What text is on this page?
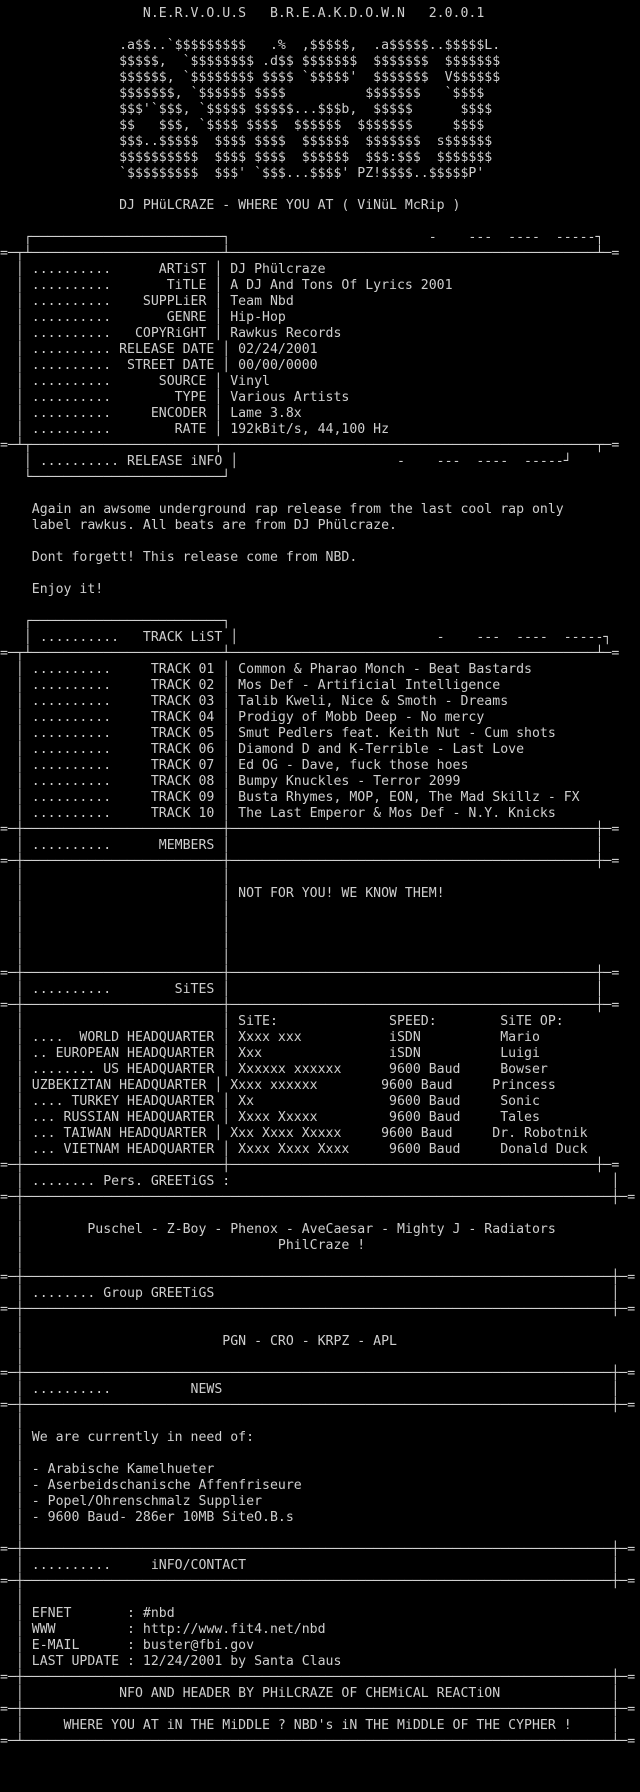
N.E.R.V.O.U.S   B.R.E.A.K.D.O.W.N   2.0.0.1
.a$$..`$$$$$$$$$   .%  ,$$$$$,  .a$$$$$..$$$$$L.
$$$$$,  `$$$$$$$$ .d$$ $$$$$$$  $$$$$$$  $$$$$$$
$$$$$$, `$$$$$$$$ $$$$ `$$$$$'  $$$$$$$  V$$$$$$
$$$$$$$, `$$$$$$ $$$$          $$$$$$$   `$$$$
$$$'`$$$, `$$$$$ $$$$$...$$$b,  $$$$$      $$$$
$$   $$$, `$$$$ $$$$  $$$$$$  $$$$$$$     $$$$
$$$..$$$$$  $$$$ $$$$  $$$$$$  $$$$$$$  s$$$$$$
$$$$$$$$$$  $$$$ $$$$  $$$$$$  $$$:$$$  $$$$$$$
`$$$$$$$$$  $$$' `$$$...$$$$' PZ!$$$$..$$$$$P'
DJ PHüLCRAZE - WHERE YOU AT ( ViNüL McRip )
┌────────────────────────┐                         -    ---  ----  -----┐
=─┬┴────────────────────────┴──────────────────────────────────────────────┴─=
│ ..........      ARTiST │ DJ Phülcraze
│ ..........       TiTLE │ A DJ And Tons Of Lyrics 2001
│ ..........    SUPPLiER │ Team Nbd
│ ..........       GENRE │ Hip-Hop
│ ..........   COPYRiGHT │ Rawkus Records
│ .......... RELEASE DATE │ 02/24/2001
│ ..........  STREET DATE │ 00/00/0000
│ ..........      SOURCE │ Vinyl
│ ..........        TYPE │ Various Artists
│ ..........     ENCODER │ Lame 3.8x
│ ..........        RATE │ 192kBit/s, 44,100 Hz
=─┴┬───────────────────────┬───────────────────────────────────────────────┬─=
│ .......... RELEASE iNFO │                    -    ---  ----  -----┘
└────────────────────────┘
Again an awsome underground rap release from the last cool rap only
label rawkus. All beats are from DJ Phülcraze.
Dont forgett! This release come from NBD.
Enjoy it!
┌────────────────────────┐
│ ..........   TRACK LiST │                         -    ---  ----  -----┐
=─┬┴────────────────────────┴──────────────────────────────────────────────┴─=
│ ..........     TRACK 01 │ Common & Pharao Monch - Beat Bastards
│ ..........     TRACK 02 │ Mos Def - Artificial Intelligence
│ ..........     TRACK 03 │ Talib Kweli, Nice & Smoth - Dreams
│ ..........     TRACK 04 │ Prodigy of Mobb Deep - No mercy
│ ..........     TRACK 05 │ Smut Pedlers feat. Keith Nut - Cum shots
│ ..........     TRACK 06 │ Diamond D and K-Terrible - Last Love
│ ..........     TRACK 07 │ Ed OG - Dave, fuck those hoes
│ ..........     TRACK 08 │ Bumpy Knuckles - Terror 2099
│ ..........     TRACK 09 │ Busta Rhymes, MOP, EON, The Mad Skillz - FX
│ ..........     TRACK 10 │ The Last Emperor & Mos Def - N.Y. Knicks
=─┼─────────────────────────┼──────────────────────────────────────────────┼─=
│ ..........      MEMBERS │                                              │
=─┼─────────────────────────┼──────────────────────────────────────────────┼─=
│                         │
│                         │ NOT FOR YOU! WE KNOW THEM!
│                         │
│                         │
│                         │
│                         │
=─┼─────────────────────────┼──────────────────────────────────────────────┼─=
│ ..........        SiTES │                                              │
=─┼─────────────────────────┼──────────────────────────────────────────────┼─=
│                         │ SiTE:              SPEED:        SiTE OP:
│ ....  WORLD HEADQUARTER │ Xxxx xxx           iSDN          Mario
│ .. EUROPEAN HEADQUARTER │ Xxx                iSDN          Luigi
│ ........ US HEADQUARTER │ Xxxxxx xxxxxx      9600 Baud     Bowser
│ UZBEKIZTAN HEADQUARTER │ Xxxx xxxxxx        9600 Baud     Princess
│ .... TURKEY HEADQUARTER │ Xx                 9600 Baud     Sonic
│ ... RUSSIAN HEADQUARTER │ Xxxx Xxxxx         9600 Baud     Tales
│ ... TAIWAN HEADQUARTER │ Xxx Xxxx Xxxxx     9600 Baud     Dr. Robotnik
│ ... VIETNAM HEADQUARTER │ Xxxx Xxxx Xxxx     9600 Baud     Donald Duck
=─┼─────────────────────────┼──────────────────────────────────────────────┼─=
│ ........ Pers. GREETiGS :                                                │
=─┼──────────────────────────────────────────────────────────────────────────┼─=
│
│        Puschel - Z-Boy - Phenox - AveCaesar - Mighty J - Radiators
│                                PhilCraze !
│
=─┼──────────────────────────────────────────────────────────────────────────┼─=
│ ........ Group GREETiGS                                                  │
=─┼──────────────────────────────────────────────────────────────────────────┼─=
│
│                         PGN - CRO - KRPZ - APL
│
=─┼──────────────────────────────────────────────────────────────────────────┼─=
│ ..........          NEWS                                                 │
=─┼──────────────────────────────────────────────────────────────────────────┼─=
│
│ We are currently in need of:
│
│ - Arabische Kamelhueter
│ - Aserbeidschanische Affenfriseure
│ - Popel/Ohrenschmalz Supplier
│ - 9600 Baud- 286er 10MB SiteO.B.s
│
=─┼──────────────────────────────────────────────────────────────────────────┼─=
│ ..........     iNFO/CONTACT                                              │
=─┼──────────────────────────────────────────────────────────────────────────┼─=
│
│ EFNET       : #nbd
│ WWW         : http://www.fit4.net/nbd
│ E-MAIL      : buster@fbi.gov
│ LAST UPDATE : 12/24/2001 by Santa Claus
=─┼──────────────────────────────────────────────────────────────────────────┼─=
│            NFO AND HEADER BY PHiLCRAZE OF CHEMiCAL REACTiON              │
=─┼──────────────────────────────────────────────────────────────────────────┼─=
│     WHERE YOU AT iN THE MiDDLE ? NBD's iN THE MiDDLE OF THE CYPHER !     │
=─┴──────────────────────────────────────────────────────────────────────────┴─=
